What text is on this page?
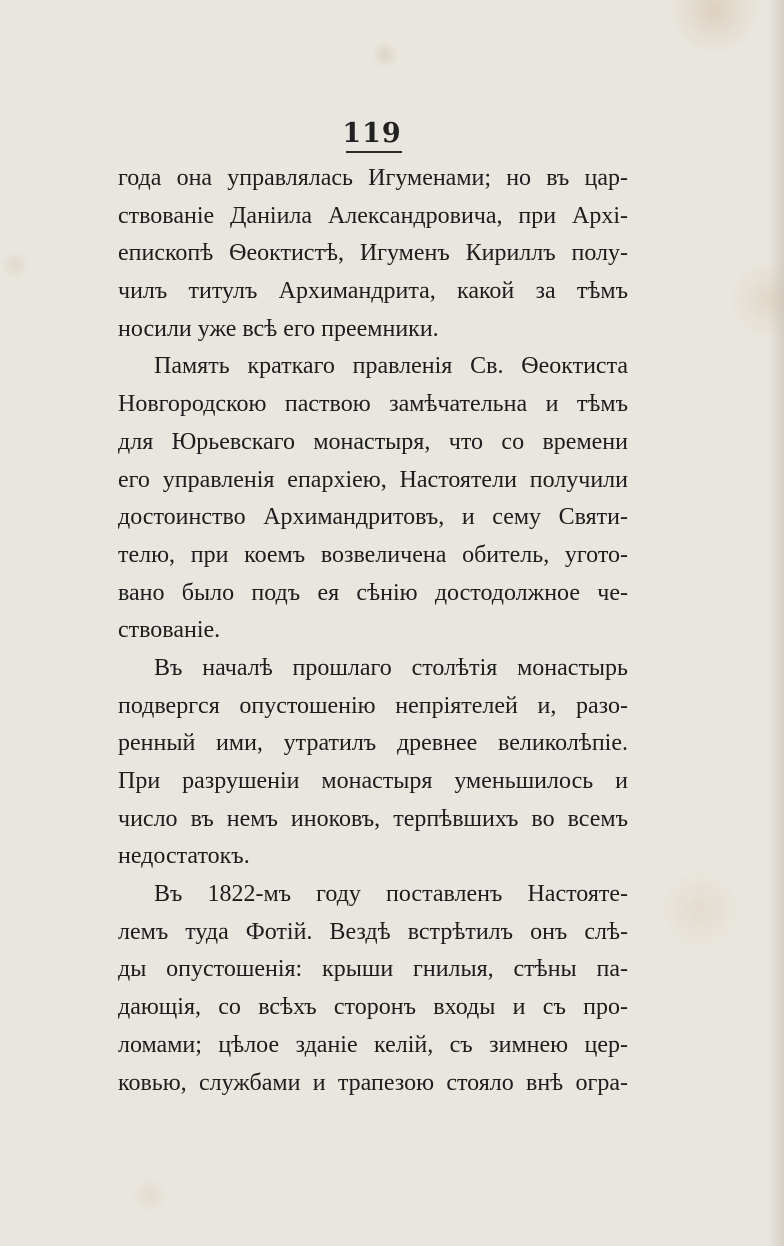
119
года она управлялась Игуменами; но въ цар-
ствованіе Даніила Александровича, при Архі-
епископѣ Ѳеоктистѣ, Игуменъ Кириллъ полу-
чилъ титулъ Архимандрита, какой за тѣмъ
носили уже всѣ его преемники.
Память краткаго правленія Св. Ѳеоктиста
Новгородскою паствою замѣчательна и тѣмъ
для Юрьевскаго монастыря, что со времени
его управленія епархіею, Настоятели получили
достоинство Архимандритовъ, и сему Святи-
телю, при коемъ возвеличена обитель, угото-
вано было подъ ея сѣнію достодолжное че-
ствованіе.
Въ началѣ прошлаго столѣтія монастырь
подвергся опустошенію непріятелей и, разо-
ренный ими, утратилъ древнее великолѣпіе.
При разрушеніи монастыря уменьшилось и
число въ немъ иноковъ, терпѣвшихъ во всемъ
недостатокъ.
Въ 1822-мъ году поставленъ Настояте-
лемъ туда Фотій. Вездѣ встрѣтилъ онъ слѣ-
ды опустошенія: крыши гнилыя, стѣны па-
дающія, со всѣхъ сторонъ входы и съ про-
ломами; цѣлое зданіе келій, съ зимнею цер-
ковью, службами и трапезою стояло внѣ огра-
